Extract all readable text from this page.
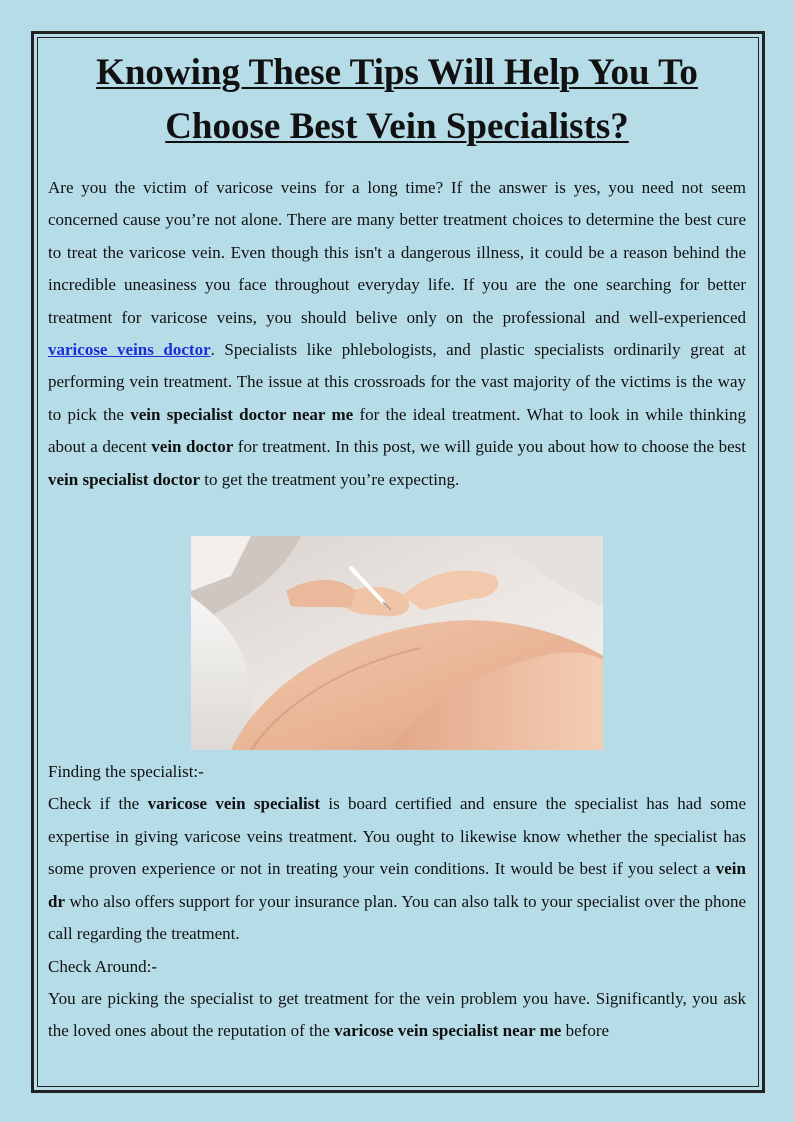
Knowing These Tips Will Help You To
Choose Best Vein Specialists?

Are you the victim of varicose veins for a long time? If the answer is yes, you need not seem concerned cause you’re not alone. There are many better treatment choices to determine the best cure to treat the varicose vein. Even though this isn't a dangerous illness, it could be a reason behind the incredible uneasiness you face throughout everyday life. If you are the one searching for better treatment for varicose veins, you should belive only on the professional and well-experienced varicose veins doctor. Specialists like phlebologists, and plastic specialists ordinarily great at performing vein treatment. The issue at this crossroads for the vast majority of the victims is the way to pick the vein specialist doctor near me for the ideal treatment. What to look in while thinking about a decent vein doctor for treatment. In this post, we will guide you about how to choose the best vein specialist doctor to get the treatment you’re expecting.

Finding the specialist:-

Check if the varicose vein specialist is board certified and ensure the specialist has had some expertise in giving varicose veins treatment. You ought to likewise know whether the specialist has some proven experience or not in treating your vein conditions. It would be best if you select a vein dr who also offers support for your insurance plan. You can also talk to your specialist over the phone call regarding the treatment.

Check Around:-

You are picking the specialist to get treatment for the vein problem you have. Significantly, you ask the loved ones about the reputation of the varicose vein specialist near me before
